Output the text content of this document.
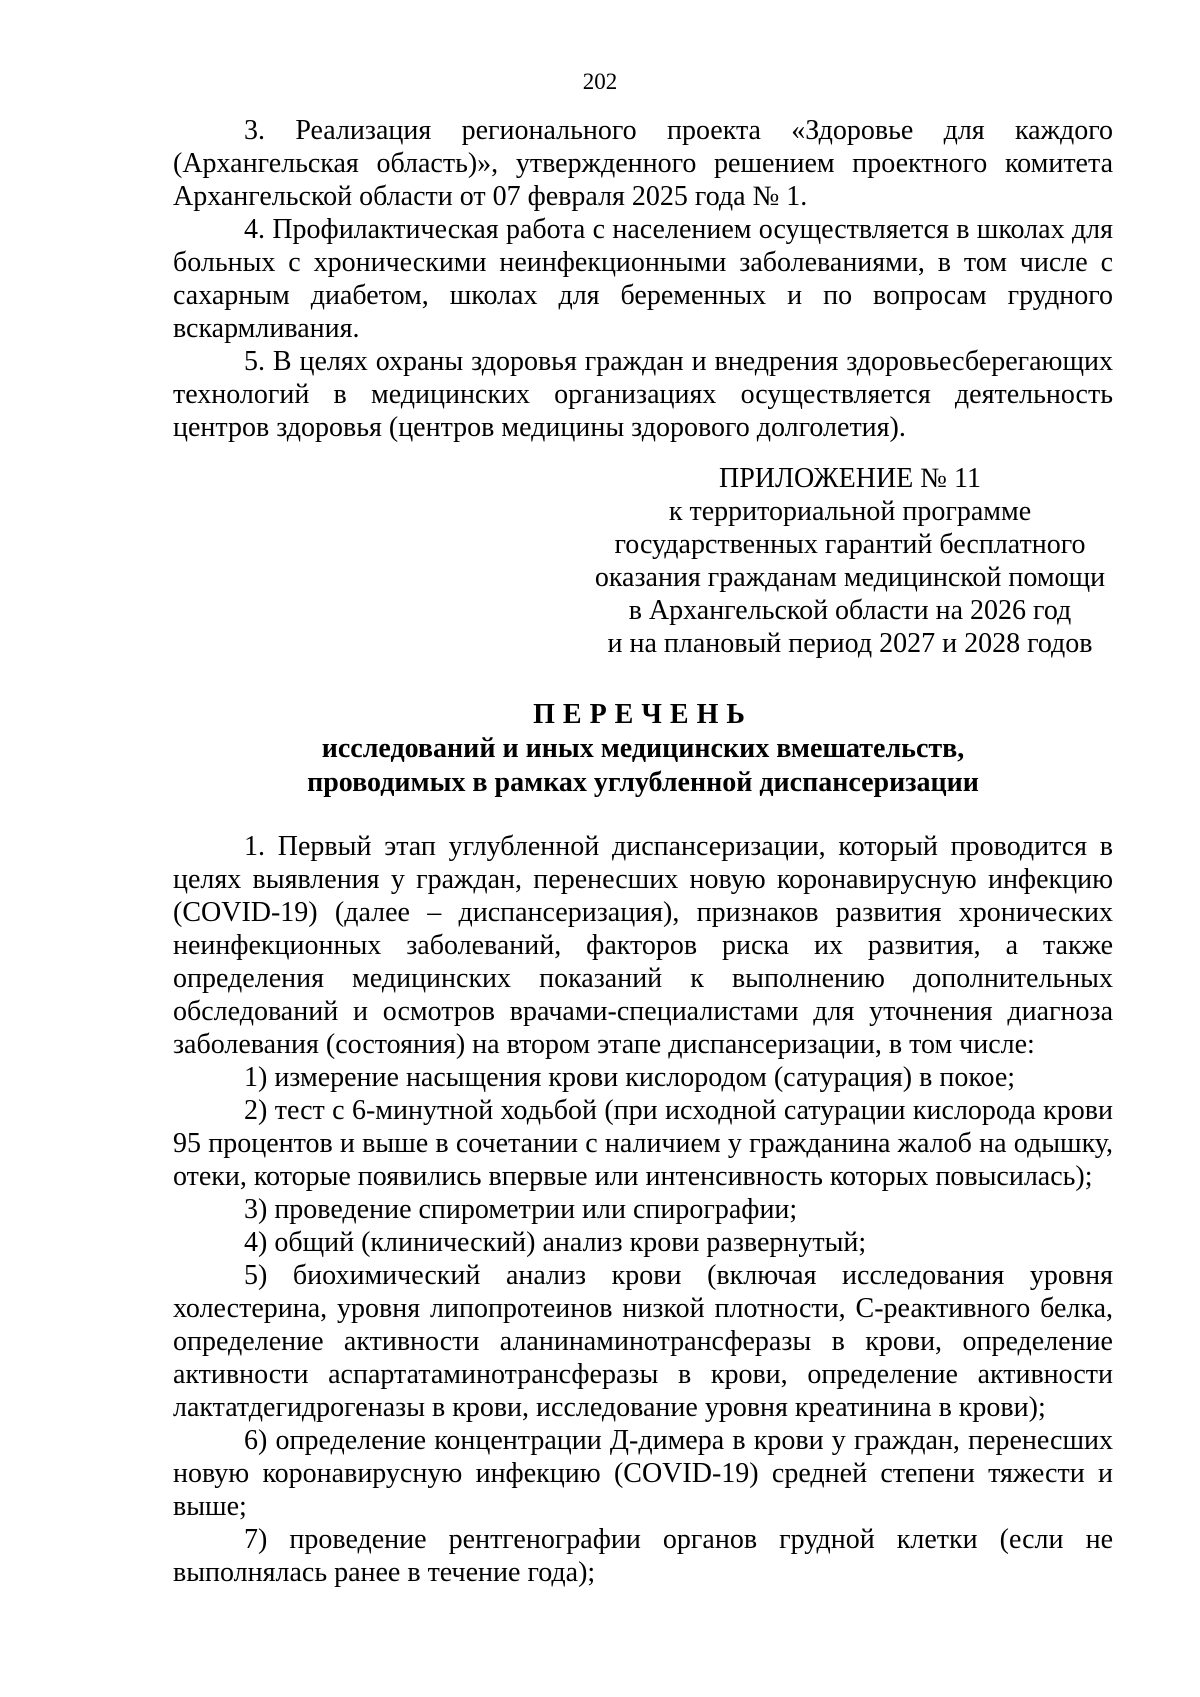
202

3. Реализация регионального проекта «Здоровье для каждого (Архангельская область)», утвержденного решением проектного комитета Архангельской области от 07 февраля 2025 года № 1.

4. Профилактическая работа с населением осуществляется в школах для больных с хроническими неинфекционными заболеваниями, в том числе с сахарным диабетом, школах для беременных и по вопросам грудного вскармливания.

5. В целях охраны здоровья граждан и внедрения здоровьесберегающих технологий в медицинских организациях осуществляется деятельность центров здоровья (центров медицины здорового долголетия).

ПРИЛОЖЕНИЕ № 11
к территориальной программе
государственных гарантий бесплатного
оказания гражданам медицинской помощи
в Архангельской области на 2026 год
и на плановый период 2027 и 2028 годов
ПЕРЕЧЕНЬ
исследований и иных медицинских вмешательств,
проводимых в рамках углубленной диспансеризации

1. Первый этап углубленной диспансеризации, который проводится в целях выявления у граждан, перенесших новую коронавирусную инфекцию (COVID-19) (далее – диспансеризация), признаков развития хронических неинфекционных заболеваний, факторов риска их развития, а также определения медицинских показаний к выполнению дополнительных обследований и осмотров врачами-специалистами для уточнения диагноза заболевания (состояния) на втором этапе диспансеризации, в том числе:

1) измерение насыщения крови кислородом (сатурация) в покое;

2) тест с 6-минутной ходьбой (при исходной сатурации кислорода крови 95 процентов и выше в сочетании с наличием у гражданина жалоб на одышку, отеки, которые появились впервые или интенсивность которых повысилась);

3) проведение спирометрии или спирографии;

4) общий (клинический) анализ крови развернутый;

5) биохимический анализ крови (включая исследования уровня холестерина, уровня липопротеинов низкой плотности, С-реактивного белка, определение активности аланинаминотрансферазы в крови, определение активности аспартатаминотрансферазы в крови, определение активности лактатдегидрогеназы в крови, исследование уровня креатинина в крови);

6) определение концентрации Д-димера в крови у граждан, перенесших новую коронавирусную инфекцию (COVID-19) средней степени тяжести и выше;

7) проведение рентгенографии органов грудной клетки (если не выполнялась ранее в течение года);
